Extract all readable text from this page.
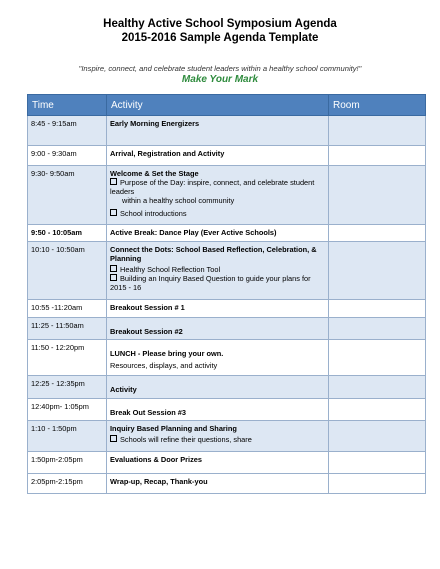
Healthy Active School Symposium Agenda
2015-2016 Sample Agenda Template
"Inspire, connect, and celebrate student leaders within a healthy school community!"
Make Your Mark
Time	Activity	Room
8:45 - 9:15am	Early Morning Energizers	

9:00 - 9:30am	Arrival, Registration and Activity	

9:30- 9:50am	Welcome & Set the Stage
Purpose of the Day: inspire, connect, and celebrate student leaders
within a healthy school community
School introductions	

9:50 - 10:05am	Active Break: Dance Play (Ever Active Schools)	

10:10 - 10:50am	Connect the Dots: School Based Reflection, Celebration, & Planning
Healthy School Reflection Tool
Building an Inquiry Based Question to guide your plans for 2015 - 16	

10:55 -11:20am	Breakout Session # 1	

11:25 - 11:50am	Breakout Session #2	

11:50 - 12:20pm	LUNCH - Please bring your own.
Resources, displays, and activity	

12:25 - 12:35pm	Activity	

12:40pm- 1:05pm	Break Out Session #3	

1:10 - 1:50pm	Inquiry Based Planning and Sharing
Schools will refine their questions, share	

1:50pm-2:05pm	Evaluations & Door Prizes	

2:05pm-2:15pm	Wrap-up, Recap, Thank-you	
